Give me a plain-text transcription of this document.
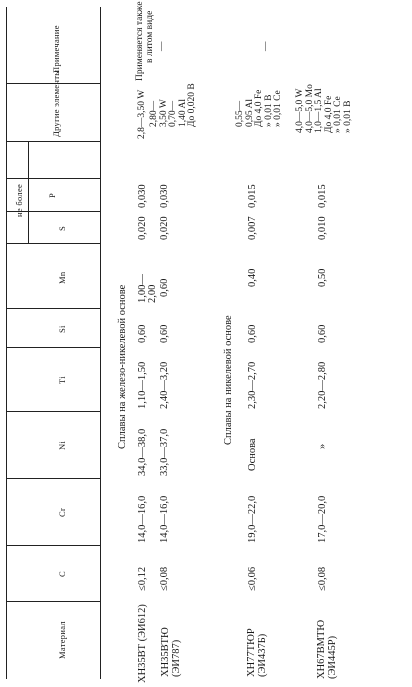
Материал
C
Cr
Ni
Ti
Si
Mn
S
P
не более
Другие элементы
Примечание
Сплавы на железо-никелевой основе
ХН35ВТ (ЭИ612)
≤0,12
14,0—16,0
34,0—38,0
1,10—1,50
0,60
1,00—2,00
0,020
0,030
2,8—3,50 W
Применяется также в литом виде
ХН35ВТЮ (ЭИ787)
≤0,08
14,0—16,0
33,0—37,0
2,40—3,20
0,60
0,60
0,020
0,030
2,80— 3,50 W 0,70— 1,40 Al До 0,020 B
—
Сплавы на никелевой основе
ХН77ТЮР (ЭИ437Б)
≤0,06
19,0—22,0
Основа
2,30—2,70
0,60
0,40
0,007
0,015
0,55— 0,95 Al До 4,0 Fe » 0,01 B » 0,01 Ce
—
ХН67ВМТЮ (ЭИ445Р)
≤0,08
17,0—20,0
»
2,20—2,80
0,60
0,50
0,010
0,015
4,0—5,0 W 4,0—5,0 Mo 1,0—1,5 Al До 4,0 Fe » 0,01 Ce » 0,01 B
